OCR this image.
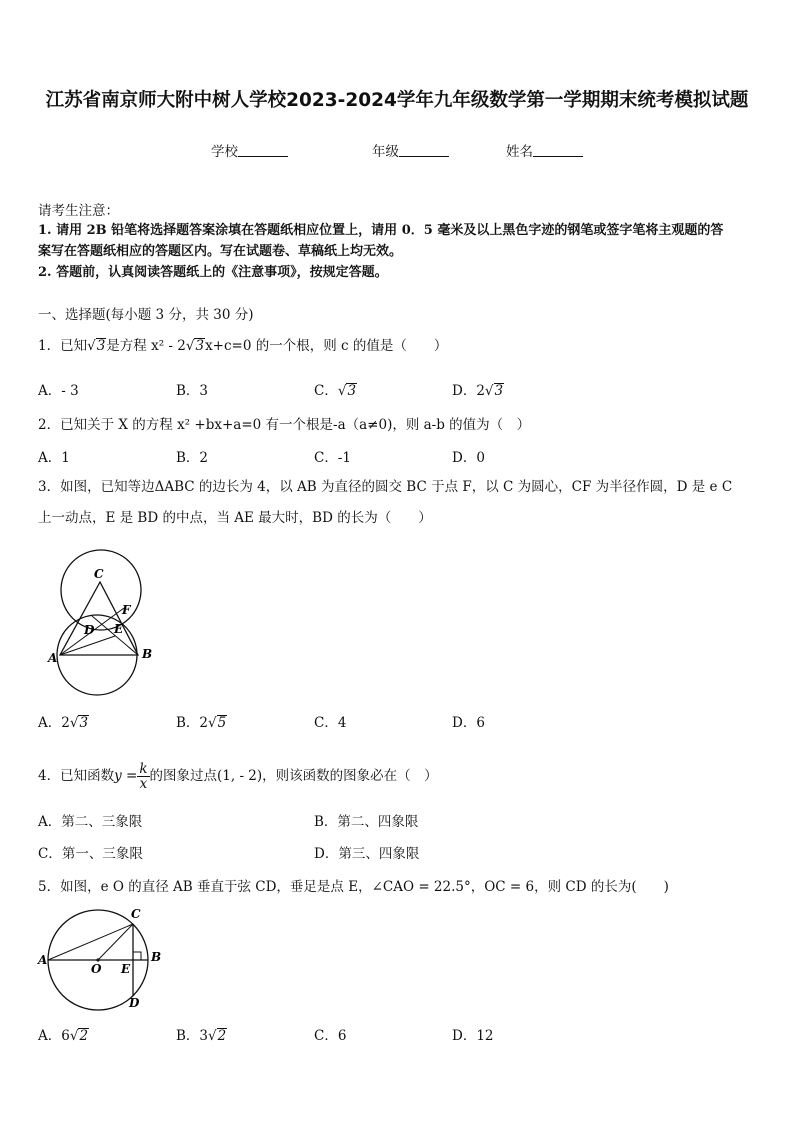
江苏省南京师大附中树人学校2023-2024学年九年级数学第一学期期末统考模拟试题
学校	年级	姓名
请考生注意：
1. 请用 2B 铅笔将选择题答案涂填在答题纸相应位置上，请用 0．5 毫米及以上黑色字迹的钢笔或签字笔将主观题的答
案写在答题纸相应的答题区内。写在试题卷、草稿纸上均无效。
2. 答题前，认真阅读答题纸上的《注意事项》，按规定答题。
一、选择题(每小题 3 分，共 30 分)
1．已知√3是方程 x² - 2√3x+c=0 的一个根，则 c 的值是（　　）
A．- 3	B．3	C．√3	D．2√3
2．已知关于 X 的方程 x² +bx+a=0 有一个根是-a（a≠0)，则 a-b 的值为（　）
A．1	B．2	C．-1	D．0
3．如图，已知等边ΔABC 的边长为 4，以 AB 为直径的圆交 BC 于点 F，以 C 为圆心，CF 为半径作圆，D 是 e C
上一动点，E 是 BD 的中点，当 AE 最大时，BD 的长为（　　）
C
F
D E
A	B
A．2√3	B．2√5	C．4	D．6
4．已知函数$y = \frac{k}{x}$ 的图象过点(1, - 2)，则该函数的图象必在（　）
A．第二、三象限	B．第二、四象限
C．第一、三象限	D．第三、四象限
5．如图，e O 的直径 AB 垂直于弦 CD，垂足是点 E，∠CAO = 22.5°，OC = 6，则 CD 的长为(　　)
A	B
C
D
O E
A．6√2	B．3√2	C．6	D．12
